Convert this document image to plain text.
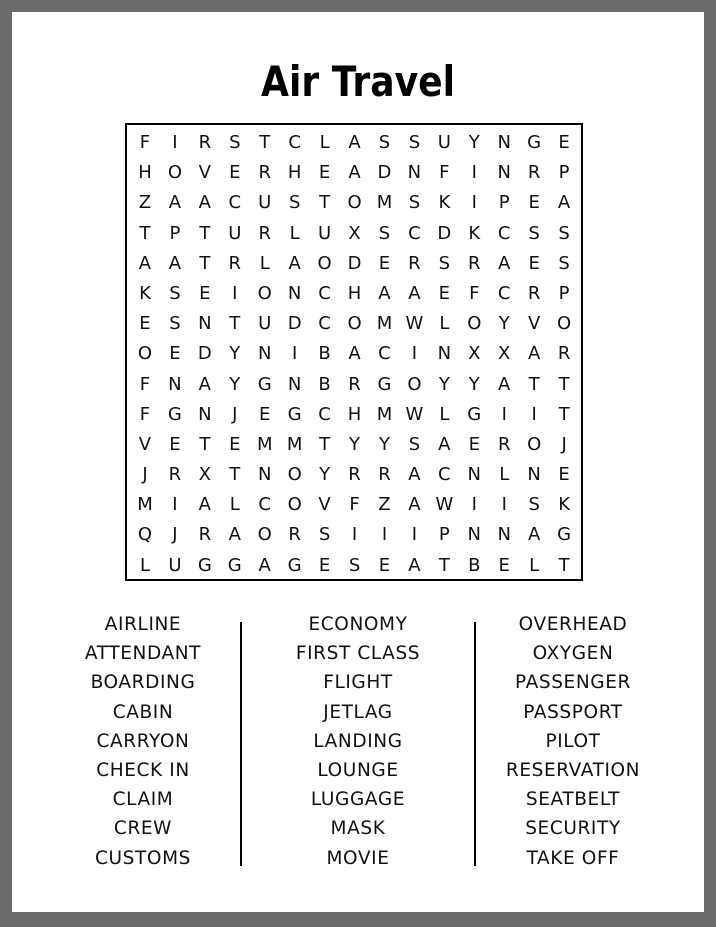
Air Travel
F	I	R S	T	C	L	A	S	S U Y N G E
H O V	E R H E	A D N	F	I	N R	P
Z A A C U S	T O M S	K	I	P	E	A
T	P	T U R	L	U X	S C D K C S	S
A A	T	R	L	A O D E R S R A	E	S
K	S	E	I	O N C H A A	E	F	C R	P
E	S N T U D C O M W L O Y	V O
O E D Y N	I	B A C	I	N X X A R
F	N A	Y G N B R G O Y	Y	A	T	T
F G N	J	E G C H M W L G	I	I	T
V	E	T	E M M T	Y	Y	S	A	E R O	J
J	R X	T N O Y	R R A C N	L	N E
M	I	A	L	C O V	F	Z A W	I	I	S	K
Q	J	R A O R S	I	I	I	P N N A G
L	U G G A G E	S	E	A	T	B	E	L	T
AIRLINE
ATTENDANT
BOARDING
CABIN
CARRYON
CHECK IN
CLAIM
CREW
CUSTOMS
ECONOMY
FIRST CLASS
FLIGHT
JETLAG
LANDING
LOUNGE
LUGGAGE
MASK
MOVIE
OVERHEAD
OXYGEN
PASSENGER
PASSPORT
PILOT
RESERVATION
SEATBELT
SECURITY
TAKE OFF
